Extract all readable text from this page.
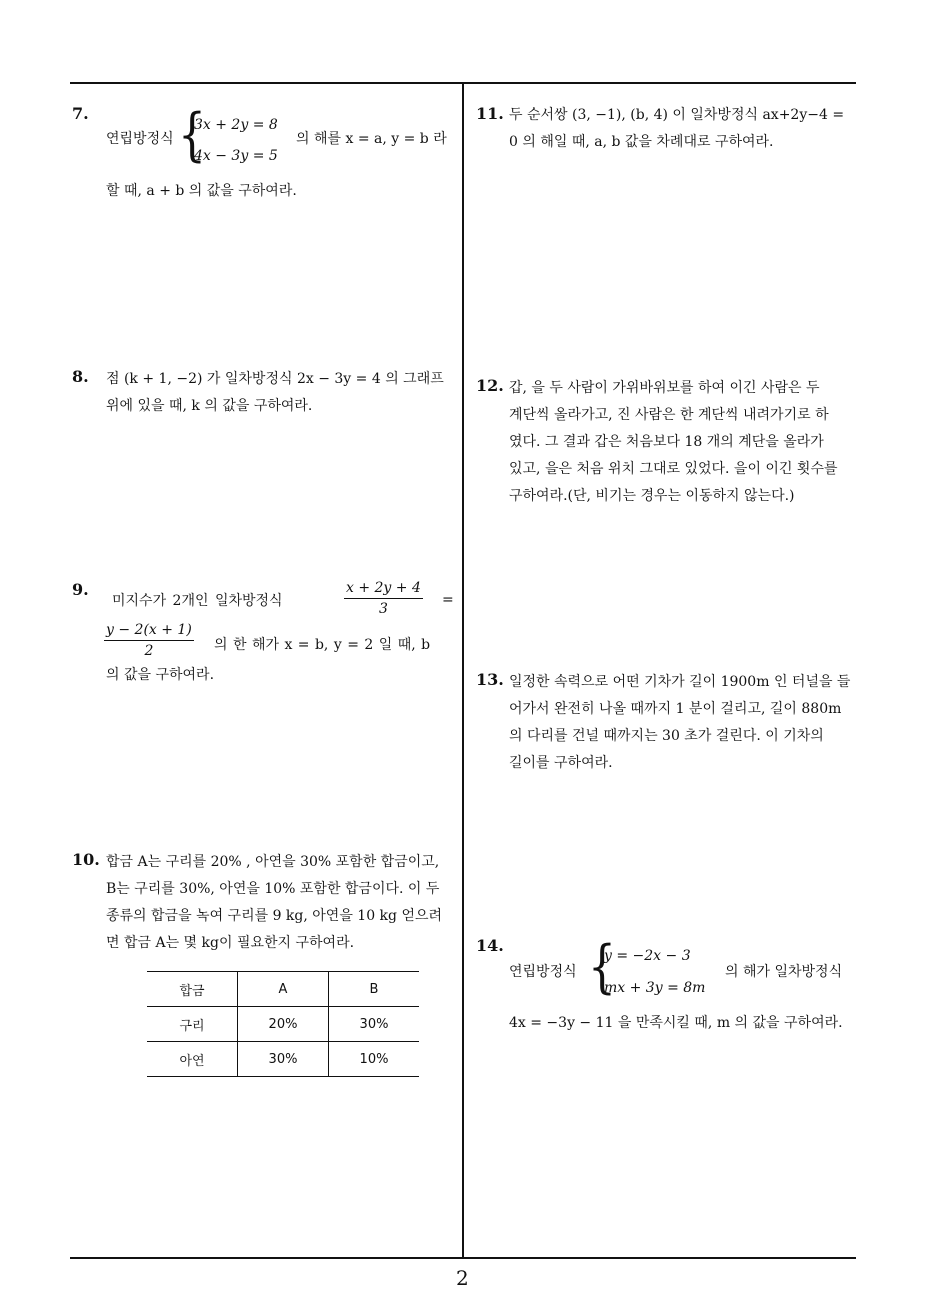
7.
연립방정식 {
3x + 2y = 8
4x − 3y = 5
의 해를 x = a, y = b 라
할 때, a + b 의 값을 구하여라.
8. 점 (k + 1, −2) 가 일차방정식 2x − 3y = 4 의 그래프
위에 있을 때, k 의 값을 구하여라.
9.
미지수가 2개인 일차방정식	$\frac{x + 2y + 4}{3}$ =
$\frac{y - 2(x + 1)}{2}$ 의 한 해가 x = b, y = 2 일 때, b
의 값을 구하여라.
10. 합금 A는 구리를 20% , 아연을 30% 포함한 합금이고,
B는 구리를 30%, 아연을 10% 포함한 합금이다. 이 두
종류의 합금을 녹여 구리를 9 kg, 아연을 10 kg 얻으려
면 합금 A는 몇 kg이 필요한지 구하여라.
합금	A	B
구리	20%	30%
아연	30%	10%
11. 두 순서쌍 (3, −1), (b, 4) 이 일차방정식 ax+2y−4 =
0 의 해일 때, a, b 값을 차례대로 구하여라.
12. 갑, 을 두 사람이 가위바위보를 하여 이긴 사람은 두
계단씩 올라가고, 진 사람은 한 계단씩 내려가기로 하
였다. 그 결과 갑은 처음보다 18 개의 계단을 올라가
있고, 을은 처음 위치 그대로 있었다. 을이 이긴 횟수를
구하여라.(단, 비기는 경우는 이동하지 않는다.)
13. 일정한 속력으로 어떤 기차가 길이 1900m 인 터널을 들
어가서 완전히 나올 때까지 1 분이 걸리고, 길이 880m
의 다리를 건널 때까지는 30 초가 걸린다. 이 기차의
길이를 구하여라.
14.
연립방정식 {
y = −2x − 3
mx + 3y = 8m
의 해가 일차방정식
4x = −3y − 11 을 만족시킬 때, m 의 값을 구하여라.
2
